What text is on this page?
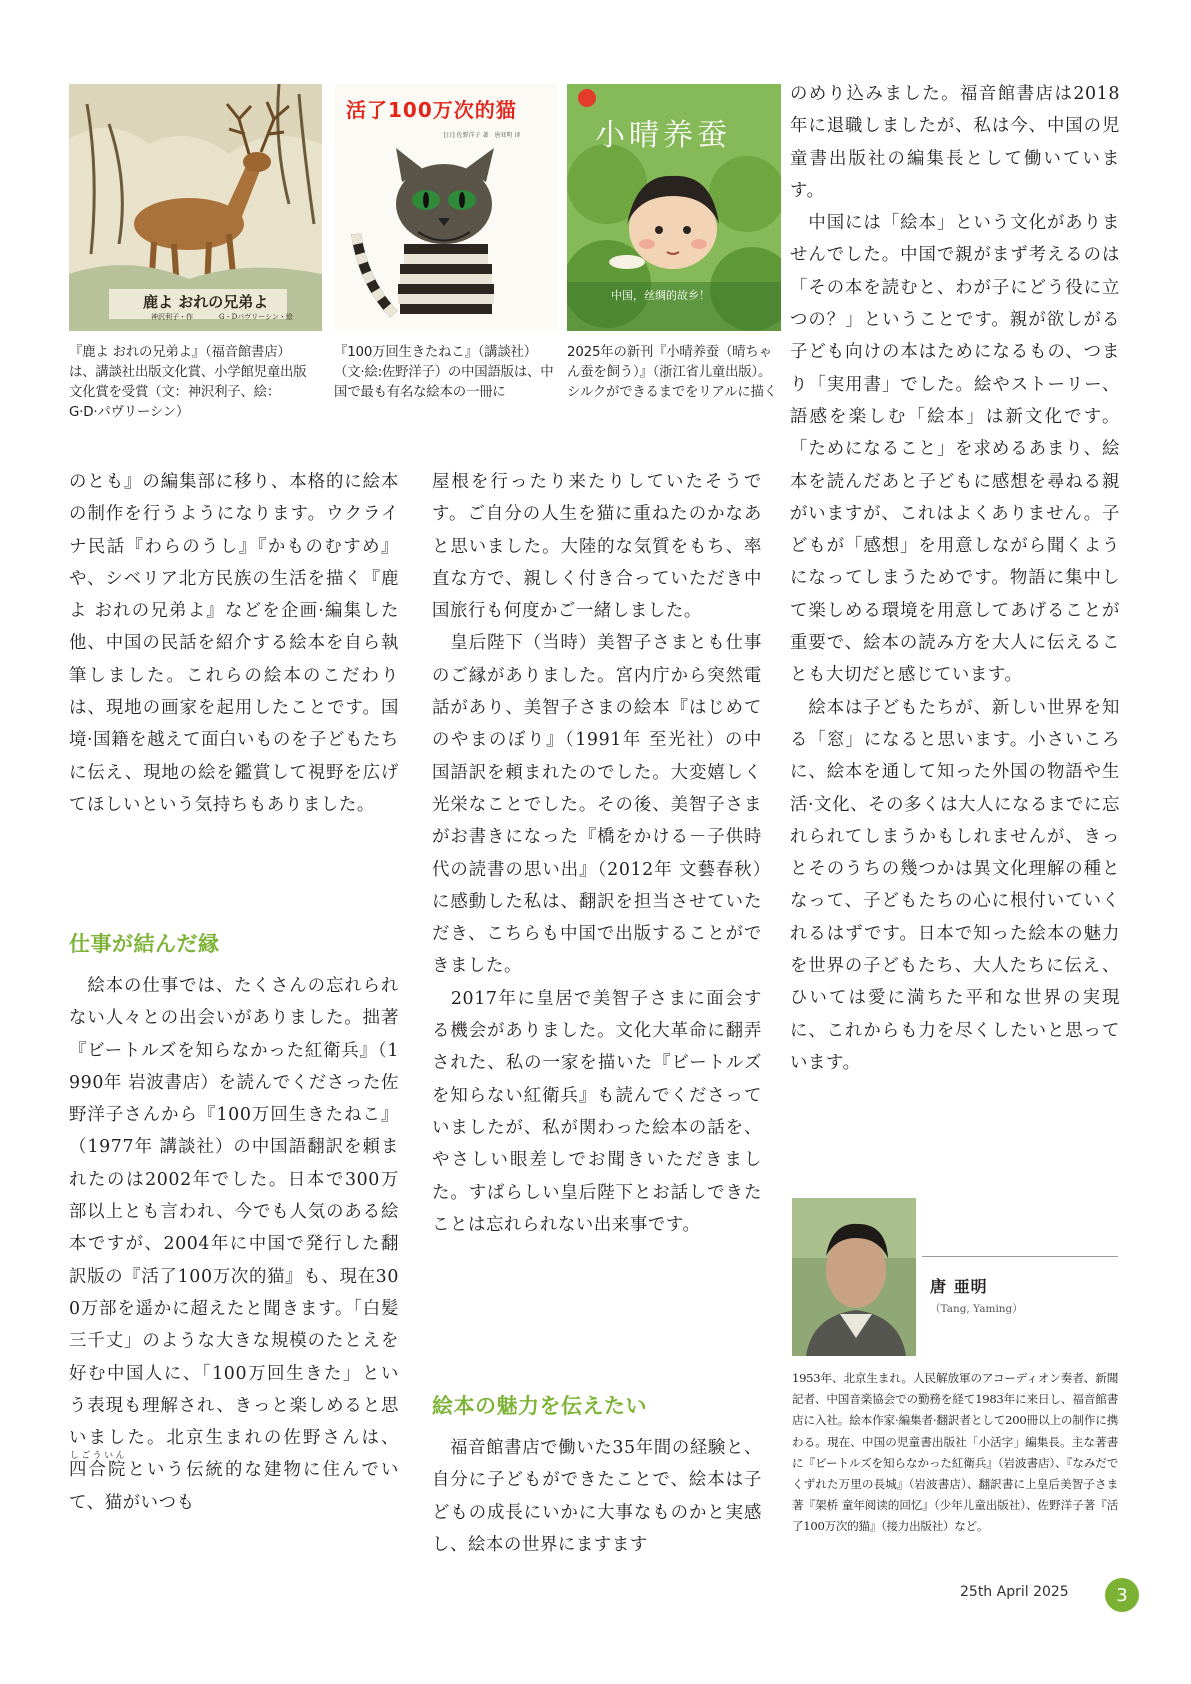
鹿よ おれの兄弟よ
神沢利子・作	G・Dパヴリーシン・絵
活了100万次的猫
[日] 佐野洋子 著　唐亚明 译 小晴养蚕
中国，丝绸的故乡！
『鹿よ おれの兄弟よ』（福音館書店）は、講談社出版文化賞、小学館児童出版文化賞を受賞（文：神沢利子、絵：G·D·パヴリーシン）
『100万回生きたねこ』（講談社）（文·絵:佐野洋子）の中国語版は、中国で最も有名な絵本の一冊に
2025年の新刊『小晴养蚕（晴ちゃん蚕を飼う）』（浙江省儿童出版）。シルクができるまでをリアルに描く
のとも』の編集部に移り、本格的に絵本の制作を行うようになります。ウクライナ民話『わらのうし』『かものむすめ』や、シベリア北方民族の生活を描く『鹿よ おれの兄弟よ』などを企画·編集した他、中国の民話を紹介する絵本を自ら執筆しました。これらの絵本のこだわりは、現地の画家を起用したことです。国境·国籍を越えて面白いものを子どもたちに伝え、現地の絵を鑑賞して視野を広げてほしいという気持ちもありました。
仕事が結んだ縁
　絵本の仕事では、たくさんの忘れられない人々との出会いがありました。拙著『ビートルズを知らなかった紅衛兵』（1990年 岩波書店）を読んでくださった佐野洋子さんから『100万回生きたねこ』（1977年 講談社）の中国語翻訳を頼まれたのは2002年でした。日本で300万部以上とも言われ、今でも人気のある絵本ですが、2004年に中国で発行した翻訳版の『活了100万次的猫』も、現在300万部を遥かに超えたと聞きます。「白髪三千丈」のような大きな規模のたとえを好む中国人に、「100万回生きた」という表現も理解され、きっと楽しめると思いました。北京生まれの佐野さんは、四合院しごういんという伝統的な建物に住んでいて、猫がいつも
屋根を行ったり来たりしていたそうです。ご自分の人生を猫に重ねたのかなあと思いました。大陸的な気質をもち、率直な方で、親しく付き合っていただき中国旅行も何度かご一緒しました。
　皇后陛下（当時）美智子さまとも仕事のご縁がありました。宮内庁から突然電話があり、美智子さまの絵本『はじめてのやまのぼり』（1991年 至光社）の中国語訳を頼まれたのでした。大変嬉しく光栄なことでした。その後、美智子さまがお書きになった『橋をかける－子供時代の読書の思い出』（2012年 文藝春秋）に感動した私は、翻訳を担当させていただき、こちらも中国で出版することができました。
　2017年に皇居で美智子さまに面会する機会がありました。文化大革命に翻弄された、私の一家を描いた『ビートルズを知らない紅衛兵』も読んでくださっていましたが、私が関わった絵本の話を、やさしい眼差しでお聞きいただきました。すばらしい皇后陛下とお話しできたことは忘れられない出来事です。
絵本の魅力を伝えたい
　福音館書店で働いた35年間の経験と、自分に子どもができたことで、絵本は子どもの成長にいかに大事なものかと実感し、絵本の世界にますます
のめり込みました。福音館書店は2018年に退職しましたが、私は今、中国の児童書出版社の編集長として働いています。
　中国には「絵本」という文化がありませんでした。中国で親がまず考えるのは「その本を読むと、わが子にどう役に立つの？」ということです。親が欲しがる子ども向けの本はためになるもの、つまり「実用書」でした。絵やストーリー、語感を楽しむ「絵本」は新文化です。「ためになること」を求めるあまり、絵本を読んだあと子どもに感想を尋ねる親がいますが、これはよくありません。子どもが「感想」を用意しながら聞くようになってしまうためです。物語に集中して楽しめる環境を用意してあげることが重要で、絵本の読み方を大人に伝えることも大切だと感じています。
　絵本は子どもたちが、新しい世界を知る「窓」になると思います。小さいころに、絵本を通して知った外国の物語や生活·文化、その多くは大人になるまでに忘れられてしまうかもしれませんが、きっとそのうちの幾つかは異文化理解の種となって、子どもたちの心に根付いていくれるはずです。日本で知った絵本の魅力を世界の子どもたち、大人たちに伝え、ひいては愛に満ちた平和な世界の実現に、これからも力を尽くしたいと思っています。
唐 亜明
（Tang, Yaming）
1953年、北京生まれ。人民解放軍のアコーディオン奏者、新聞記者、中国音楽協会での勤務を経て1983年に来日し、福音館書店に入社。絵本作家·編集者·翻訳者として200冊以上の制作に携わる。現在、中国の児童書出版社「小活字」編集長。主な著書に『ビートルズを知らなかった紅衛兵』（岩波書店）、『なみだでくずれた万里の長城』（岩波書店）、翻訳書に上皇后美智子さま著『架桥 童年阅读的回忆』（少年儿童出版社）、佐野洋子著『活了100万次的猫』（接力出版社）など。
25th April 2025	3
